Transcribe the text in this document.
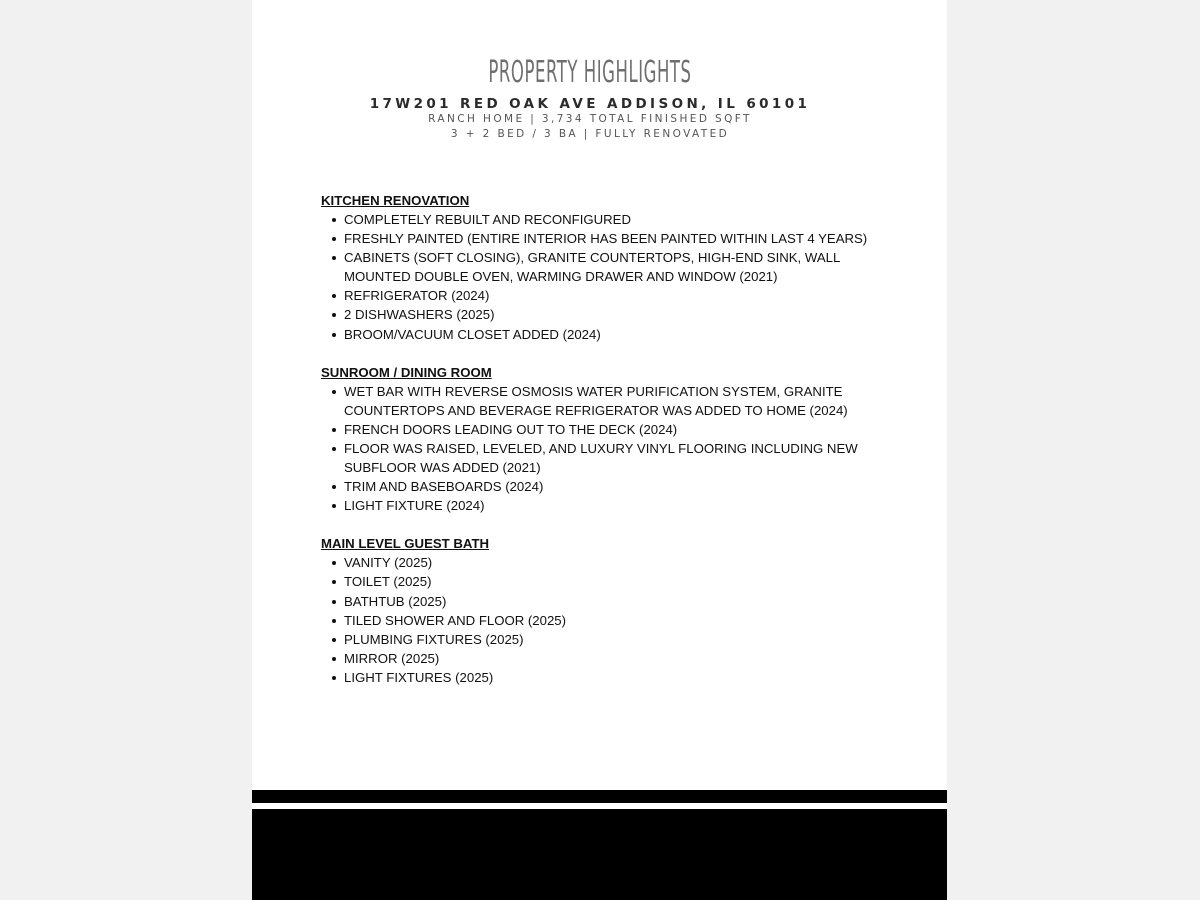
PROPERTY HIGHLIGHTS
17W201 RED OAK AVE ADDISON, IL 60101
RANCH HOME | 3,734 TOTAL FINISHED SQFT
3 + 2 BED / 3 BA | FULLY RENOVATED
KITCHEN RENOVATION
COMPLETELY REBUILT AND RECONFIGURED
FRESHLY PAINTED (ENTIRE INTERIOR HAS BEEN PAINTED WITHIN LAST 4 YEARS)
CABINETS (SOFT CLOSING), GRANITE COUNTERTOPS, HIGH-END SINK, WALL MOUNTED DOUBLE OVEN, WARMING DRAWER AND WINDOW (2021)
REFRIGERATOR (2024)
2 DISHWASHERS (2025)
BROOM/VACUUM CLOSET ADDED (2024)
SUNROOM / DINING ROOM
WET BAR WITH REVERSE OSMOSIS WATER PURIFICATION SYSTEM, GRANITE COUNTERTOPS AND BEVERAGE REFRIGERATOR WAS ADDED TO HOME (2024)
FRENCH DOORS LEADING OUT TO THE DECK (2024)
FLOOR WAS RAISED, LEVELED, AND LUXURY VINYL FLOORING INCLUDING NEW SUBFLOOR WAS ADDED (2021)
TRIM AND BASEBOARDS (2024)
LIGHT FIXTURE (2024)
MAIN LEVEL GUEST BATH
VANITY (2025)
TOILET (2025)
BATHTUB (2025)
TILED SHOWER AND FLOOR (2025)
PLUMBING FIXTURES (2025)
MIRROR (2025)
LIGHT FIXTURES (2025)
